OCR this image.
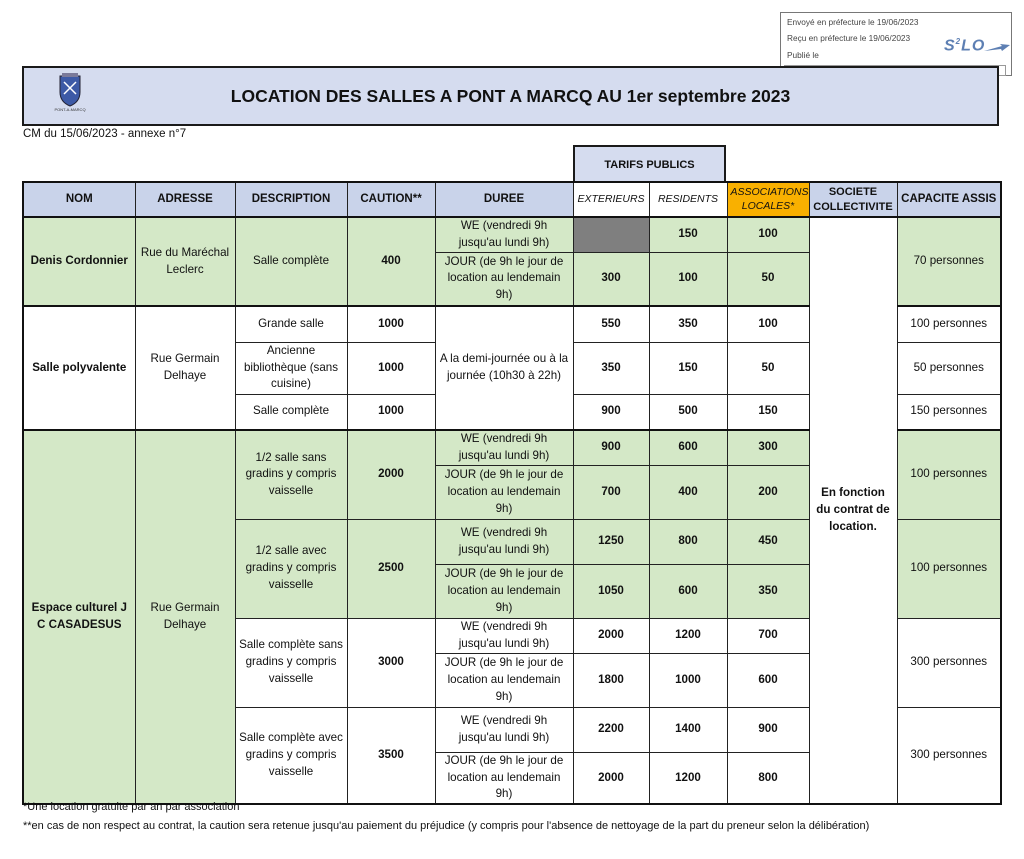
Envoyé en préfecture le 19/06/2023
Reçu en préfecture le 19/06/2023
Publié le
$S^2LO$
PONT-A-MARCQ
LOCATION DES SALLES A PONT A MARCQ AU 1er septembre 2023
CM du 15/06/2023 - annexe n°7
TARIFS PUBLICS
NOM	ADRESSE	DESCRIPTION	CAUTION**	DUREE	EXTERIEURS	RESIDENTS	ASSOCIATIONS LOCALES*	SOCIETE COLLECTIVITE	CAPACITE ASSIS
Denis Cordonnier	Rue du Maréchal Leclerc	Salle complète	400	WE (vendredi 9h jusqu'au lundi 9h)		150	100	En fonction du contrat de location.	70 personnes
				JOUR (de 9h le jour de location au lendemain 9h)	300	100	50		
Salle polyvalente	Rue Germain Delhaye	Grande salle	1000	A la demi-journée ou à la journée (10h30 à 22h)	550	350	100		100 personnes
		Ancienne bibliothèque (sans cuisine)	1000		350	150	50		50 personnes
		Salle complète	1000		900	500	150		150 personnes
Espace culturel J C CASADESUS	Rue Germain Delhaye	1/2 salle sans gradins y compris vaisselle	2000	WE (vendredi 9h jusqu'au lundi 9h)	900	600	300		100 personnes
				JOUR (de 9h le jour de location au lendemain 9h)	700	400	200		
		1/2 salle avec gradins y compris vaisselle	2500	WE (vendredi 9h jusqu'au lundi 9h)	1250	800	450		100 personnes
				JOUR (de 9h le jour de location au lendemain 9h)	1050	600	350		
		Salle complète sans gradins y compris vaisselle	3000	WE (vendredi 9h jusqu'au lundi 9h)	2000	1200	700		300 personnes
				JOUR (de 9h le jour de location au lendemain 9h)	1800	1000	600		
		Salle complète avec gradins y compris vaisselle	3500	WE (vendredi 9h jusqu'au lundi 9h)	2200	1400	900		300 personnes
				JOUR (de 9h le jour de location au lendemain 9h)	2000	1200	800		
*Une location gratuite par an par association
**en cas de non respect au contrat, la caution sera retenue jusqu'au paiement du préjudice (y compris pour l'absence de nettoyage de la part du preneur selon la délibération)
